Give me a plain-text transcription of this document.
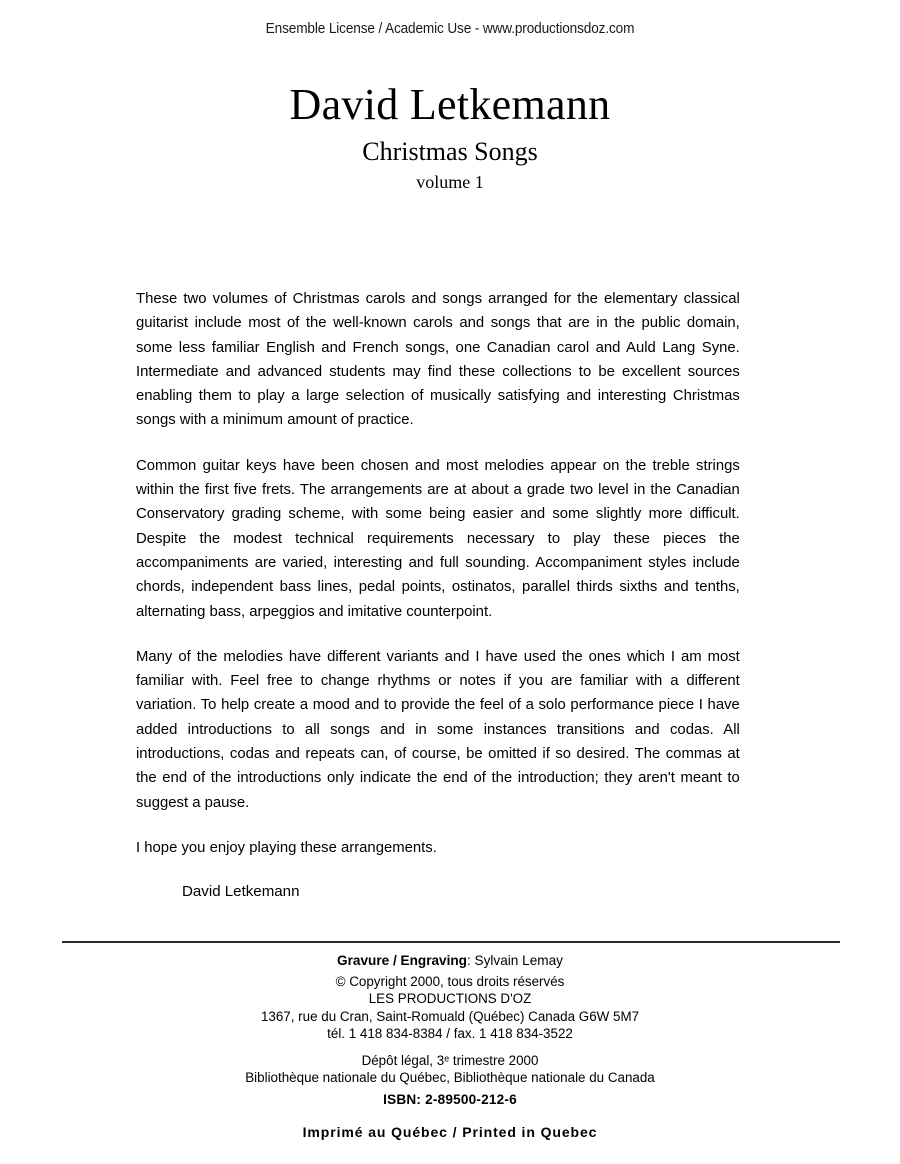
Ensemble License / Academic Use - www.productionsdoz.com
David Letkemann
Christmas Songs
volume 1

These two volumes of Christmas carols and songs arranged for the elementary classical guitarist include most of the well-known carols and songs that are in the public domain, some less familiar English and French songs, one Canadian carol and Auld Lang Syne. Intermediate and advanced students may find these collections to be excellent sources enabling them to play a large selection of musically satisfying and interesting Christmas songs with a minimum amount of practice.

Common guitar keys have been chosen and most melodies appear on the treble strings within the first five frets. The arrangements are at about a grade two level in the Canadian Conservatory grading scheme, with some being easier and some slightly more difficult. Despite the modest technical requirements necessary to play these pieces the accompaniments are varied, interesting and full sounding. Accompaniment styles include chords, independent bass lines, pedal points, ostinatos, parallel thirds sixths and tenths, alternating bass, arpeggios and imitative counterpoint.

Many of the melodies have different variants and I have used the ones which I am most familiar with. Feel free to change rhythms or notes if you are familiar with a different variation. To help create a mood and to provide the feel of a solo performance piece I have added introductions to all songs and in some instances transitions and codas. All introductions, codas and repeats can, of course, be omitted if so desired. The commas at the end of the introductions only indicate the end of the introduction; they aren't meant to suggest a pause.

I hope you enjoy playing these arrangements.

David Letkemann

Gravure / Engraving: Sylvain Lemay
© Copyright 2000, tous droits réservés
LES PRODUCTIONS D'OZ
1367, rue du Cran, Saint-Romuald (Québec) Canada G6W 5M7
tél. 1 418 834-8384 / fax. 1 418 834-3522
Dépôt légal, 3e trimestre 2000
Bibliothèque nationale du Québec, Bibliothèque nationale du Canada
ISBN: 2-89500-212-6
Imprimé au Québec / Printed in Quebec
